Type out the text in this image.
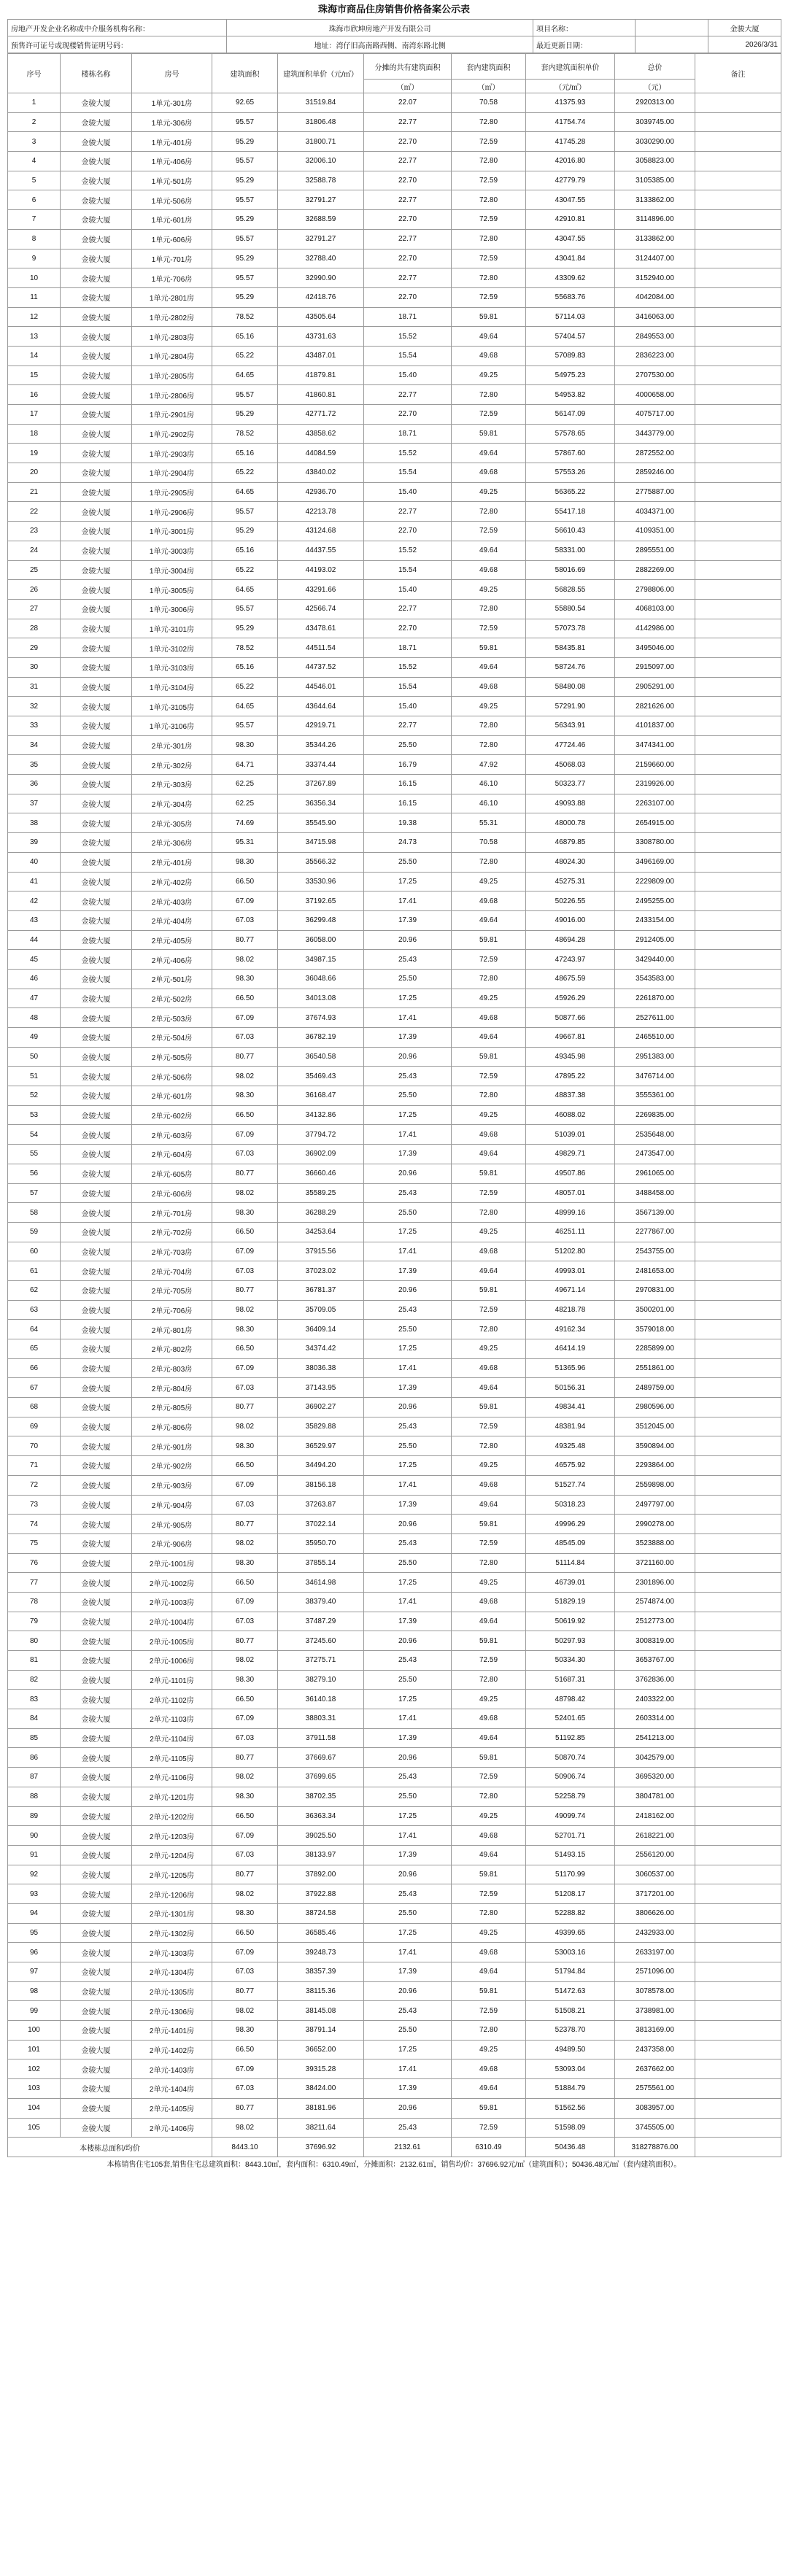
珠海市商品住房销售价格备案公示表
房地产开发企业名称或中介服务机构名称：	珠海市欣坤房地产开发有限公司	项目名称：		金骏大厦
预售许可证号或现楼销售证明号码：	地址：湾仔旧高南路西侧、南湾东路北侧	最近更新日期：		2026/3/31
序号	楼栋名称	房号	建筑面积	建筑面积单价（元/㎡）	分摊的共有建筑面积	套内建筑面积	套内建筑面积单价	总价	备注
					（㎡）	（㎡）	（元/㎡）	（元）	
1	金骏大厦	1单元-301房	92.65	31519.84	22.07	70.58	41375.93	2920313.00	
2	金骏大厦	1单元-306房	95.57	31806.48	22.77	72.80	41754.74	3039745.00	
3	金骏大厦	1单元-401房	95.29	31800.71	22.70	72.59	41745.28	3030290.00	
4	金骏大厦	1单元-406房	95.57	32006.10	22.77	72.80	42016.80	3058823.00	
5	金骏大厦	1单元-501房	95.29	32588.78	22.70	72.59	42779.79	3105385.00	
6	金骏大厦	1单元-506房	95.57	32791.27	22.77	72.80	43047.55	3133862.00	
7	金骏大厦	1单元-601房	95.29	32688.59	22.70	72.59	42910.81	3114896.00	
8	金骏大厦	1单元-606房	95.57	32791.27	22.77	72.80	43047.55	3133862.00	
9	金骏大厦	1单元-701房	95.29	32788.40	22.70	72.59	43041.84	3124407.00	
10	金骏大厦	1单元-706房	95.57	32990.90	22.77	72.80	43309.62	3152940.00	
11	金骏大厦	1单元-2801房	95.29	42418.76	22.70	72.59	55683.76	4042084.00	
12	金骏大厦	1单元-2802房	78.52	43505.64	18.71	59.81	57114.03	3416063.00	
13	金骏大厦	1单元-2803房	65.16	43731.63	15.52	49.64	57404.57	2849553.00	
14	金骏大厦	1单元-2804房	65.22	43487.01	15.54	49.68	57089.83	2836223.00	
15	金骏大厦	1单元-2805房	64.65	41879.81	15.40	49.25	54975.23	2707530.00	
16	金骏大厦	1单元-2806房	95.57	41860.81	22.77	72.80	54953.82	4000658.00	
17	金骏大厦	1单元-2901房	95.29	42771.72	22.70	72.59	56147.09	4075717.00	
18	金骏大厦	1单元-2902房	78.52	43858.62	18.71	59.81	57578.65	3443779.00	
19	金骏大厦	1单元-2903房	65.16	44084.59	15.52	49.64	57867.60	2872552.00	
20	金骏大厦	1单元-2904房	65.22	43840.02	15.54	49.68	57553.26	2859246.00	
21	金骏大厦	1单元-2905房	64.65	42936.70	15.40	49.25	56365.22	2775887.00	
22	金骏大厦	1单元-2906房	95.57	42213.78	22.77	72.80	55417.18	4034371.00	
23	金骏大厦	1单元-3001房	95.29	43124.68	22.70	72.59	56610.43	4109351.00	
24	金骏大厦	1单元-3003房	65.16	44437.55	15.52	49.64	58331.00	2895551.00	
25	金骏大厦	1单元-3004房	65.22	44193.02	15.54	49.68	58016.69	2882269.00	
26	金骏大厦	1单元-3005房	64.65	43291.66	15.40	49.25	56828.55	2798806.00	
27	金骏大厦	1单元-3006房	95.57	42566.74	22.77	72.80	55880.54	4068103.00	
28	金骏大厦	1单元-3101房	95.29	43478.61	22.70	72.59	57073.78	4142986.00	
29	金骏大厦	1单元-3102房	78.52	44511.54	18.71	59.81	58435.81	3495046.00	
30	金骏大厦	1单元-3103房	65.16	44737.52	15.52	49.64	58724.76	2915097.00	
31	金骏大厦	1单元-3104房	65.22	44546.01	15.54	49.68	58480.08	2905291.00	
32	金骏大厦	1单元-3105房	64.65	43644.64	15.40	49.25	57291.90	2821626.00	
33	金骏大厦	1单元-3106房	95.57	42919.71	22.77	72.80	56343.91	4101837.00	
34	金骏大厦	2单元-301房	98.30	35344.26	25.50	72.80	47724.46	3474341.00	
35	金骏大厦	2单元-302房	64.71	33374.44	16.79	47.92	45068.03	2159660.00	
36	金骏大厦	2单元-303房	62.25	37267.89	16.15	46.10	50323.77	2319926.00	
37	金骏大厦	2单元-304房	62.25	36356.34	16.15	46.10	49093.88	2263107.00	
38	金骏大厦	2单元-305房	74.69	35545.90	19.38	55.31	48000.78	2654915.00	
39	金骏大厦	2单元-306房	95.31	34715.98	24.73	70.58	46879.85	3308780.00	
40	金骏大厦	2单元-401房	98.30	35566.32	25.50	72.80	48024.30	3496169.00	
41	金骏大厦	2单元-402房	66.50	33530.96	17.25	49.25	45275.31	2229809.00	
42	金骏大厦	2单元-403房	67.09	37192.65	17.41	49.68	50226.55	2495255.00	
43	金骏大厦	2单元-404房	67.03	36299.48	17.39	49.64	49016.00	2433154.00	
44	金骏大厦	2单元-405房	80.77	36058.00	20.96	59.81	48694.28	2912405.00	
45	金骏大厦	2单元-406房	98.02	34987.15	25.43	72.59	47243.97	3429440.00	
46	金骏大厦	2单元-501房	98.30	36048.66	25.50	72.80	48675.59	3543583.00	
47	金骏大厦	2单元-502房	66.50	34013.08	17.25	49.25	45926.29	2261870.00	
48	金骏大厦	2单元-503房	67.09	37674.93	17.41	49.68	50877.66	2527611.00	
49	金骏大厦	2单元-504房	67.03	36782.19	17.39	49.64	49667.81	2465510.00	
50	金骏大厦	2单元-505房	80.77	36540.58	20.96	59.81	49345.98	2951383.00	
51	金骏大厦	2单元-506房	98.02	35469.43	25.43	72.59	47895.22	3476714.00	
52	金骏大厦	2单元-601房	98.30	36168.47	25.50	72.80	48837.38	3555361.00	
53	金骏大厦	2单元-602房	66.50	34132.86	17.25	49.25	46088.02	2269835.00	
54	金骏大厦	2单元-603房	67.09	37794.72	17.41	49.68	51039.01	2535648.00	
55	金骏大厦	2单元-604房	67.03	36902.09	17.39	49.64	49829.71	2473547.00	
56	金骏大厦	2单元-605房	80.77	36660.46	20.96	59.81	49507.86	2961065.00	
57	金骏大厦	2单元-606房	98.02	35589.25	25.43	72.59	48057.01	3488458.00	
58	金骏大厦	2单元-701房	98.30	36288.29	25.50	72.80	48999.16	3567139.00	
59	金骏大厦	2单元-702房	66.50	34253.64	17.25	49.25	46251.11	2277867.00	
60	金骏大厦	2单元-703房	67.09	37915.56	17.41	49.68	51202.80	2543755.00	
61	金骏大厦	2单元-704房	67.03	37023.02	17.39	49.64	49993.01	2481653.00	
62	金骏大厦	2单元-705房	80.77	36781.37	20.96	59.81	49671.14	2970831.00	
63	金骏大厦	2单元-706房	98.02	35709.05	25.43	72.59	48218.78	3500201.00	
64	金骏大厦	2单元-801房	98.30	36409.14	25.50	72.80	49162.34	3579018.00	
65	金骏大厦	2单元-802房	66.50	34374.42	17.25	49.25	46414.19	2285899.00	
66	金骏大厦	2单元-803房	67.09	38036.38	17.41	49.68	51365.96	2551861.00	
67	金骏大厦	2单元-804房	67.03	37143.95	17.39	49.64	50156.31	2489759.00	
68	金骏大厦	2单元-805房	80.77	36902.27	20.96	59.81	49834.41	2980596.00	
69	金骏大厦	2单元-806房	98.02	35829.88	25.43	72.59	48381.94	3512045.00	
70	金骏大厦	2单元-901房	98.30	36529.97	25.50	72.80	49325.48	3590894.00	
71	金骏大厦	2单元-902房	66.50	34494.20	17.25	49.25	46575.92	2293864.00	
72	金骏大厦	2单元-903房	67.09	38156.18	17.41	49.68	51527.74	2559898.00	
73	金骏大厦	2单元-904房	67.03	37263.87	17.39	49.64	50318.23	2497797.00	
74	金骏大厦	2单元-905房	80.77	37022.14	20.96	59.81	49996.29	2990278.00	
75	金骏大厦	2单元-906房	98.02	35950.70	25.43	72.59	48545.09	3523888.00	
76	金骏大厦	2单元-1001房	98.30	37855.14	25.50	72.80	51114.84	3721160.00	
77	金骏大厦	2单元-1002房	66.50	34614.98	17.25	49.25	46739.01	2301896.00	
78	金骏大厦	2单元-1003房	67.09	38379.40	17.41	49.68	51829.19	2574874.00	
79	金骏大厦	2单元-1004房	67.03	37487.29	17.39	49.64	50619.92	2512773.00	
80	金骏大厦	2单元-1005房	80.77	37245.60	20.96	59.81	50297.93	3008319.00	
81	金骏大厦	2单元-1006房	98.02	37275.71	25.43	72.59	50334.30	3653767.00	
82	金骏大厦	2单元-1101房	98.30	38279.10	25.50	72.80	51687.31	3762836.00	
83	金骏大厦	2单元-1102房	66.50	36140.18	17.25	49.25	48798.42	2403322.00	
84	金骏大厦	2单元-1103房	67.09	38803.31	17.41	49.68	52401.65	2603314.00	
85	金骏大厦	2单元-1104房	67.03	37911.58	17.39	49.64	51192.85	2541213.00	
86	金骏大厦	2单元-1105房	80.77	37669.67	20.96	59.81	50870.74	3042579.00	
87	金骏大厦	2单元-1106房	98.02	37699.65	25.43	72.59	50906.74	3695320.00	
88	金骏大厦	2单元-1201房	98.30	38702.35	25.50	72.80	52258.79	3804781.00	
89	金骏大厦	2单元-1202房	66.50	36363.34	17.25	49.25	49099.74	2418162.00	
90	金骏大厦	2单元-1203房	67.09	39025.50	17.41	49.68	52701.71	2618221.00	
91	金骏大厦	2单元-1204房	67.03	38133.97	17.39	49.64	51493.15	2556120.00	
92	金骏大厦	2单元-1205房	80.77	37892.00	20.96	59.81	51170.99	3060537.00	
93	金骏大厦	2单元-1206房	98.02	37922.88	25.43	72.59	51208.17	3717201.00	
94	金骏大厦	2单元-1301房	98.30	38724.58	25.50	72.80	52288.82	3806626.00	
95	金骏大厦	2单元-1302房	66.50	36585.46	17.25	49.25	49399.65	2432933.00	
96	金骏大厦	2单元-1303房	67.09	39248.73	17.41	49.68	53003.16	2633197.00	
97	金骏大厦	2单元-1304房	67.03	38357.39	17.39	49.64	51794.84	2571096.00	
98	金骏大厦	2单元-1305房	80.77	38115.36	20.96	59.81	51472.63	3078578.00	
99	金骏大厦	2单元-1306房	98.02	38145.08	25.43	72.59	51508.21	3738981.00	
100	金骏大厦	2单元-1401房	98.30	38791.14	25.50	72.80	52378.70	3813169.00	
101	金骏大厦	2单元-1402房	66.50	36652.00	17.25	49.25	49489.50	2437358.00	
102	金骏大厦	2单元-1403房	67.09	39315.28	17.41	49.68	53093.04	2637662.00	
103	金骏大厦	2单元-1404房	67.03	38424.00	17.39	49.64	51884.79	2575561.00	
104	金骏大厦	2单元-1405房	80.77	38181.96	20.96	59.81	51562.56	3083957.00	
105	金骏大厦	2单元-1406房	98.02	38211.64	25.43	72.59	51598.09	3745505.00	
本楼栋总面积/均价			8443.10	37696.92	2132.61	6310.49	50436.48	318278876.00	
本栋销售住宅105套,销售住宅总建筑面积：8443.10㎡，套内面积：6310.49㎡，分摊面积：2132.61㎡，销售均价：37696.92元/㎡（建筑面积）；50436.48元/㎡（套内建筑面积）。
